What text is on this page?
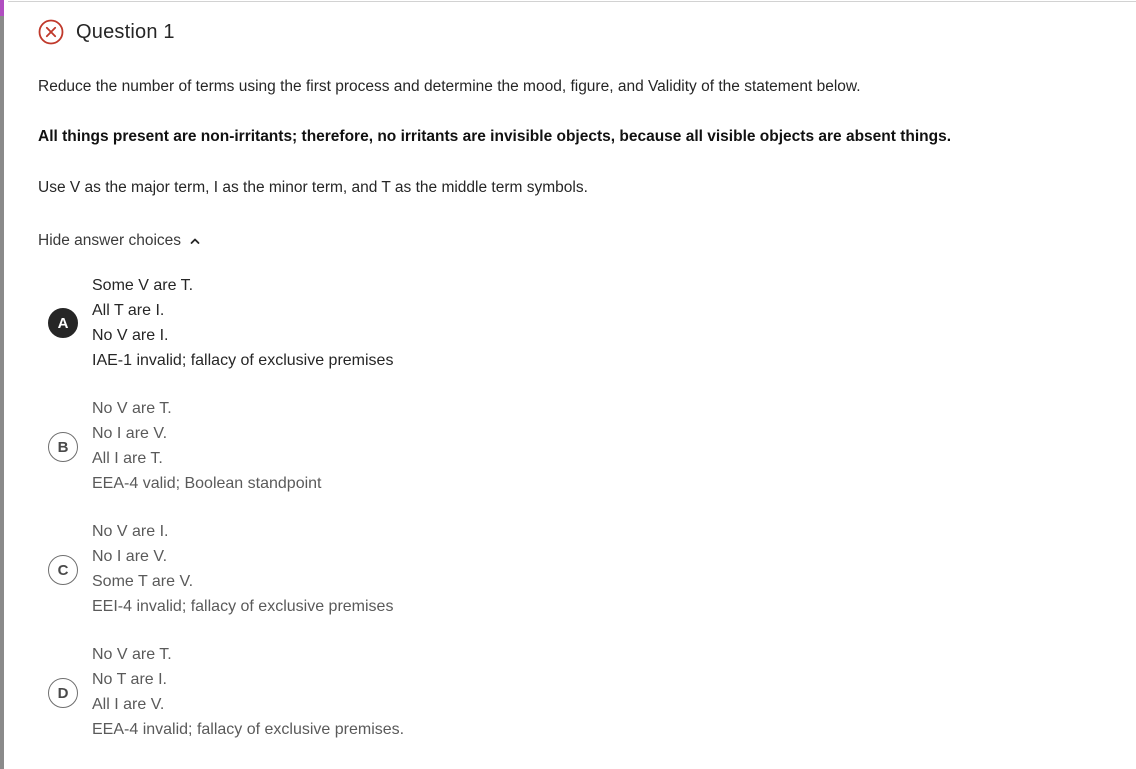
Question 1
Reduce the number of terms using the first process and determine the mood, figure, and Validity of the statement below.
All things present are non-irritants; therefore, no irritants are invisible objects, because all visible objects are absent things.
Use V as the major term, I as the minor term, and T as the middle term symbols.
Hide answer choices
A
Some V are T.
All T are I.
No V are I.
IAE-1 invalid; fallacy of exclusive premises
B
No V are T.
No I are V.
All I are T.
EEA-4 valid; Boolean standpoint
C
No V are I.
No I are V.
Some T are V.
EEI-4 invalid; fallacy of exclusive premises
D
No V are T.
No T are I.
All I are V.
EEA-4 invalid; fallacy of exclusive premises.
